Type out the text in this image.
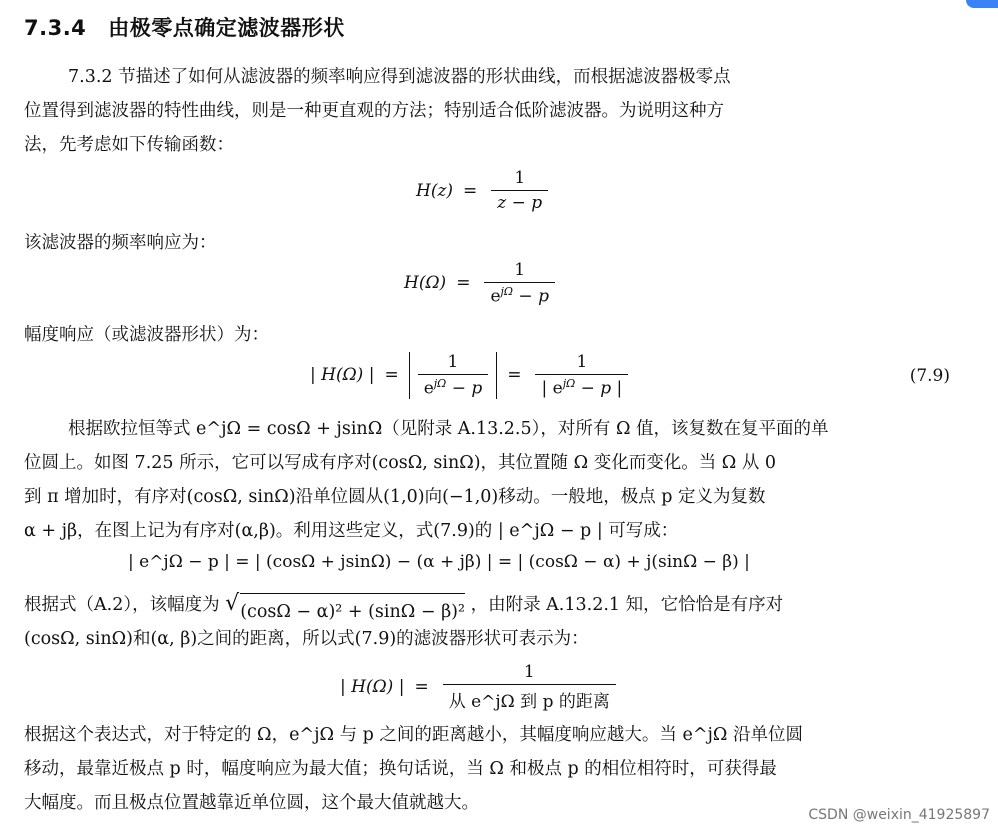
7.3.4 由极零点确定滤波器形状
7.3.2 节描述了如何从滤波器的频率响应得到滤波器的形状曲线，而根据滤波器极零点
位置得到滤波器的特性曲线，则是一种更直观的方法；特别适合低阶滤波器。为说明这种方
法，先考虑如下传输函数：
$H(z) = \frac{1}{z - p}$
该滤波器的频率响应为：
$H(\Omega) = \frac{1}{e^{j\Omega} - p}$
幅度响应（或滤波器形状）为：
| H(Ω) | = $\frac{1}{e^{j\Omega} - p} = \frac{1}{| e^{j\Omega} - p |}$	(7.9)
根据欧拉恒等式 e^jΩ = cosΩ + jsinΩ（见附录 A.13.2.5），对所有 Ω 值，该复数在复平面的单
位圆上。如图 7.25 所示，它可以写成有序对(cosΩ, sinΩ)，其位置随 Ω 变化而变化。当 Ω 从 0
到 π 增加时，有序对(cosΩ, sinΩ)沿单位圆从(1,0)向(−1,0)移动。一般地，极点 p 定义为复数
α + jβ，在图上记为有序对(α,β)。利用这些定义，式(7.9)的 | e^jΩ − p | 可写成：
| e^jΩ − p | = | (cosΩ + jsinΩ) − (α + jβ) | = | (cosΩ − α) + j(sinΩ − β) |
根据式（A.2），该幅度为 √ (cosΩ − α)² + (sinΩ − β)² ，由附录 A.13.2.1 知，它恰恰是有序对
(cosΩ, sinΩ)和(α, β)之间的距离，所以式(7.9)的滤波器形状可表示为：
| H(Ω) | = $\frac{1}{\text{从 e\textasciicircum{}jΩ 到 p 的距离}}$
根据这个表达式，对于特定的 Ω，e^jΩ 与 p 之间的距离越小，其幅度响应越大。当 e^jΩ 沿单位圆
移动，最靠近极点 p 时，幅度响应为最大值；换句话说，当 Ω 和极点 p 的相位相符时，可获得最
大幅度。而且极点位置越靠近单位圆，这个最大值就越大。
CSDN @weixin_41925897
